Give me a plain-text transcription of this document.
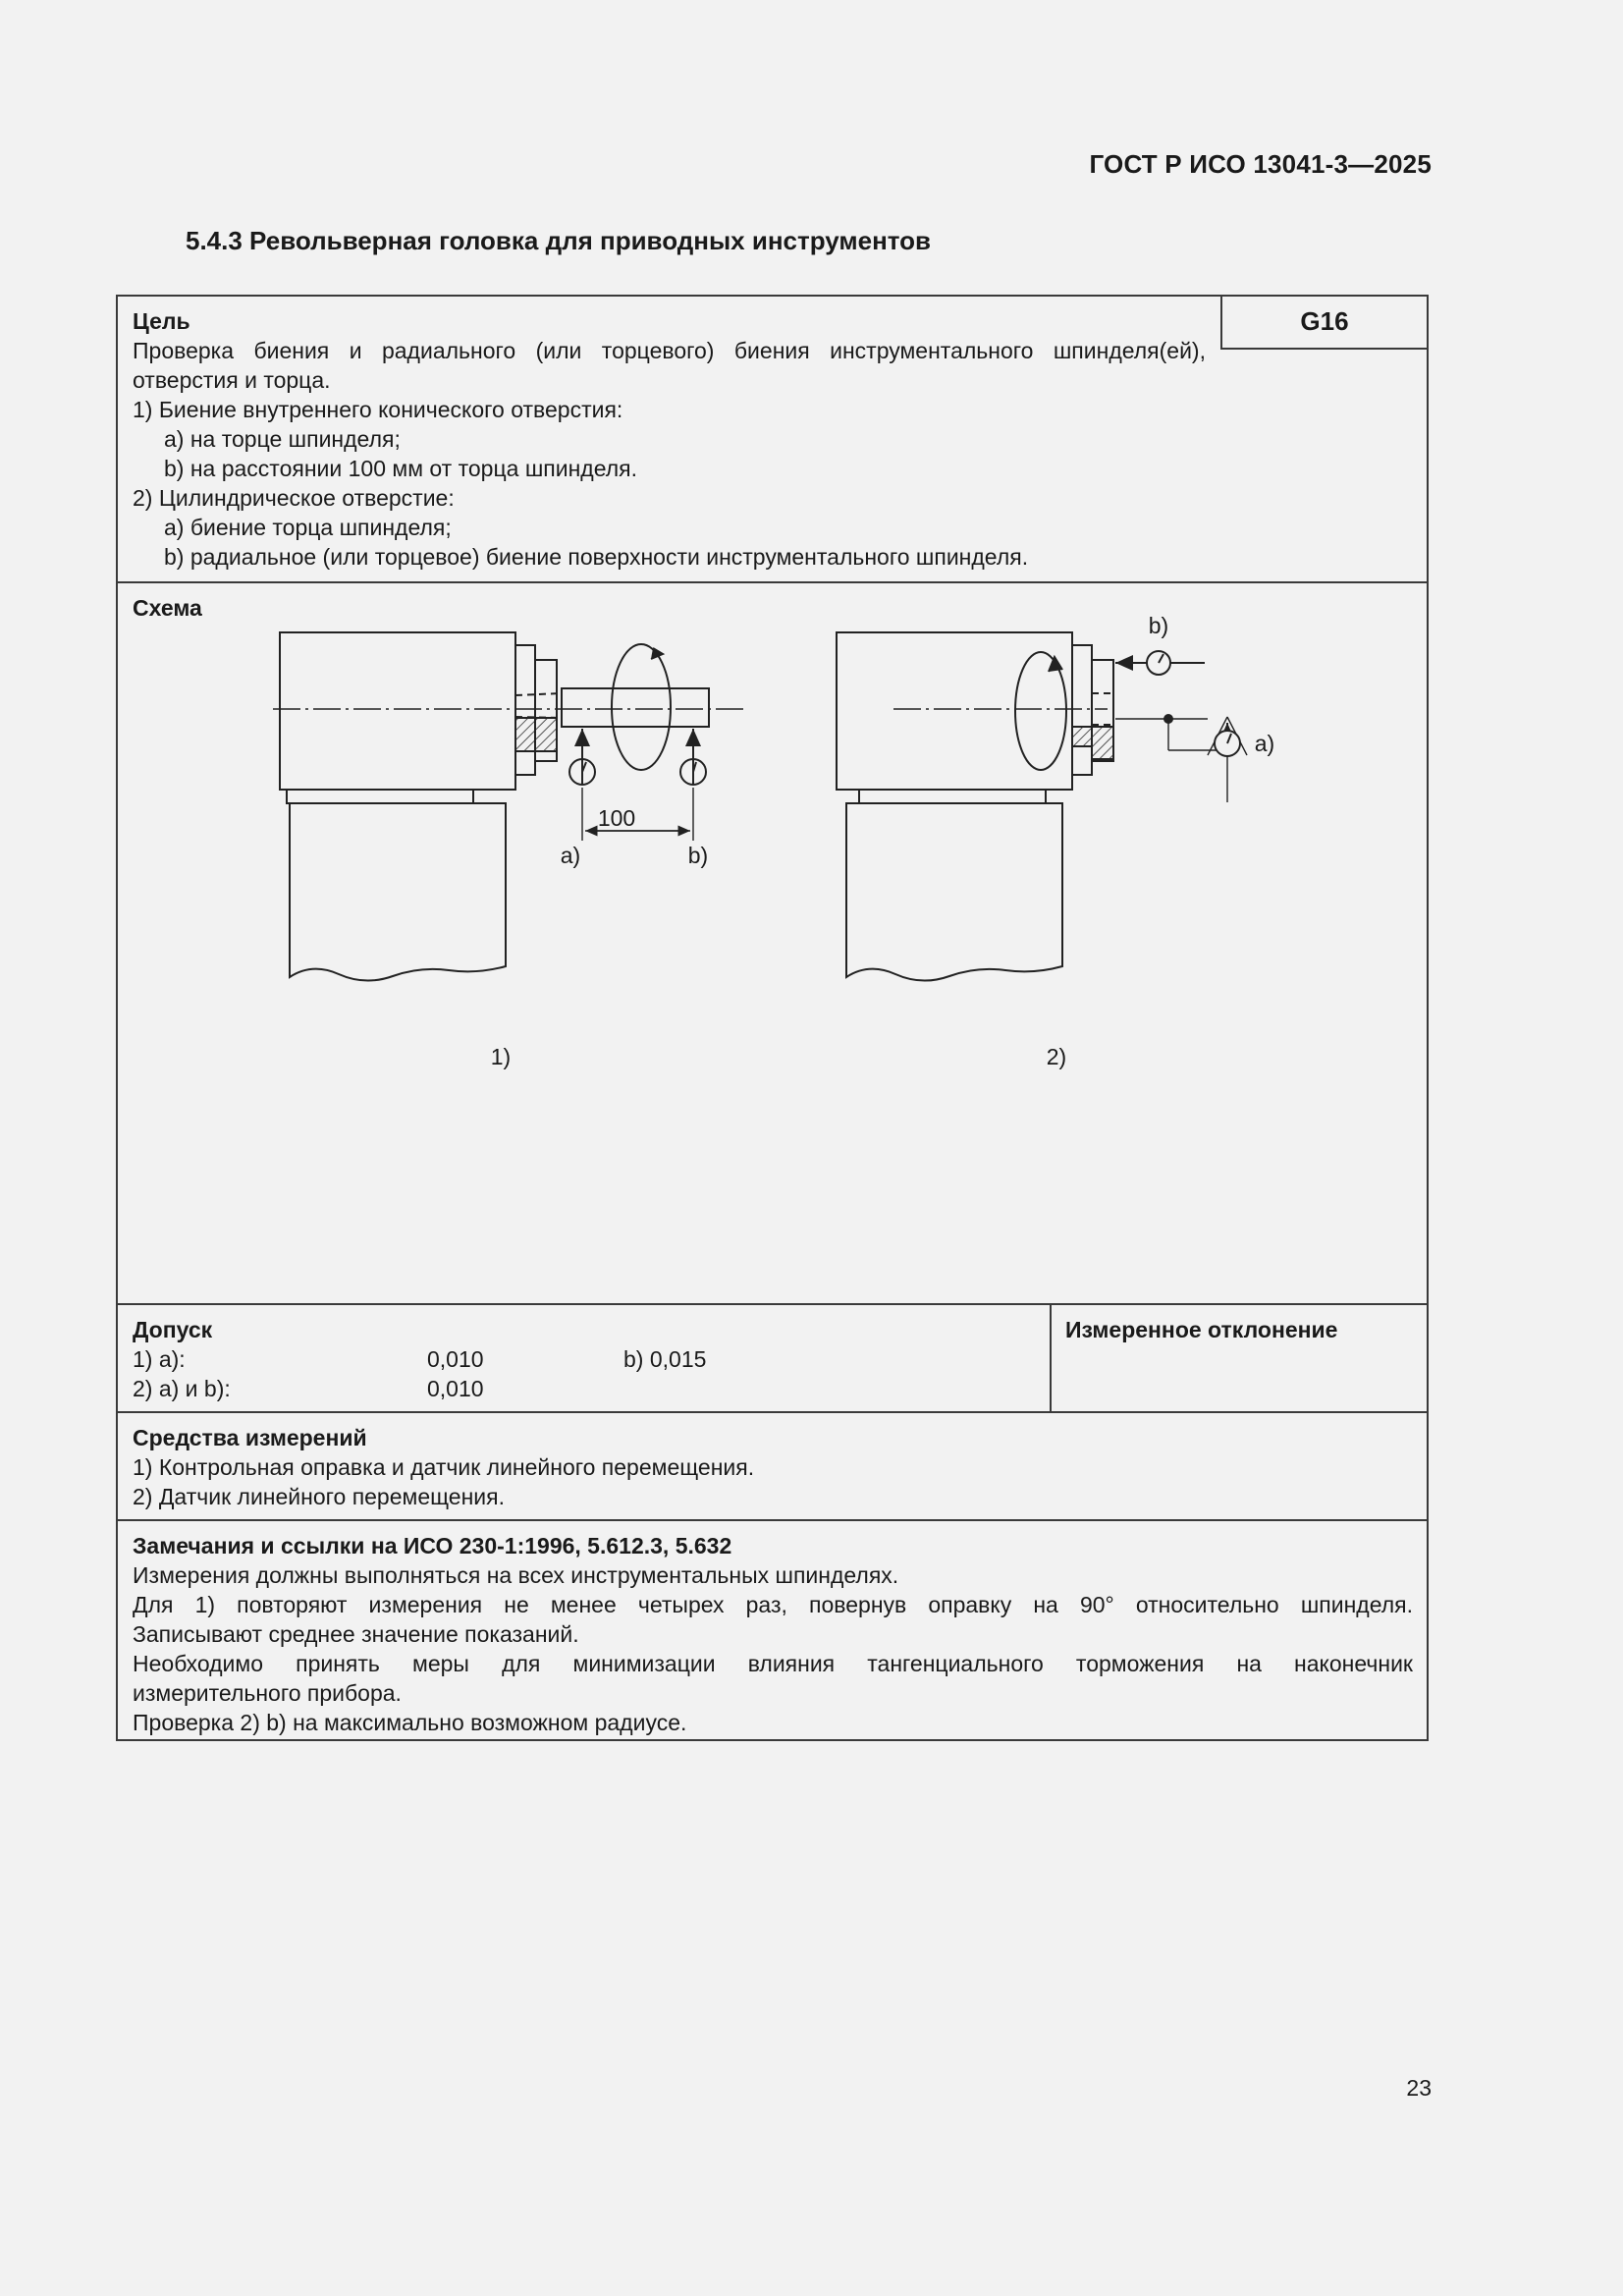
ГОСТ Р ИСО 13041-3—2025
5.4.3 Револьверная головка для приводных инструментов
G16
Цель
Проверка биения и радиального (или торцевого) биения инструментального шпинделя(ей),
отверстия и торца.
1) Биение внутреннего конического отверстия:
a) на торце шпинделя;
b) на расстоянии 100 мм от торца шпинделя.
2) Цилиндрическое отверстие:
a) биение торца шпинделя;
b) радиальное (или торцевое) биение поверхности инструментального шпинделя.
Схема
100
a)	b)
1)
b)
a)
2)
Допуск
1) a):	0,010	b) 0,015
2) a) и b):	0,010
Измеренное отклонение
Средства измерений
1) Контрольная оправка и датчик линейного перемещения.
2) Датчик линейного перемещения.
Замечания и ссылки на ИСО 230-1:1996, 5.612.3, 5.632
Измерения должны выполняться на всех инструментальных шпинделях.
Для 1) повторяют измерения не менее четырех раз, повернув оправку на 90° относительно шпинделя.
Записывают среднее значение показаний.
Необходимо принять меры для минимизации влияния тангенциального торможения на наконечник
измерительного прибора.
Проверка 2) b) на максимально возможном радиусе.
23
